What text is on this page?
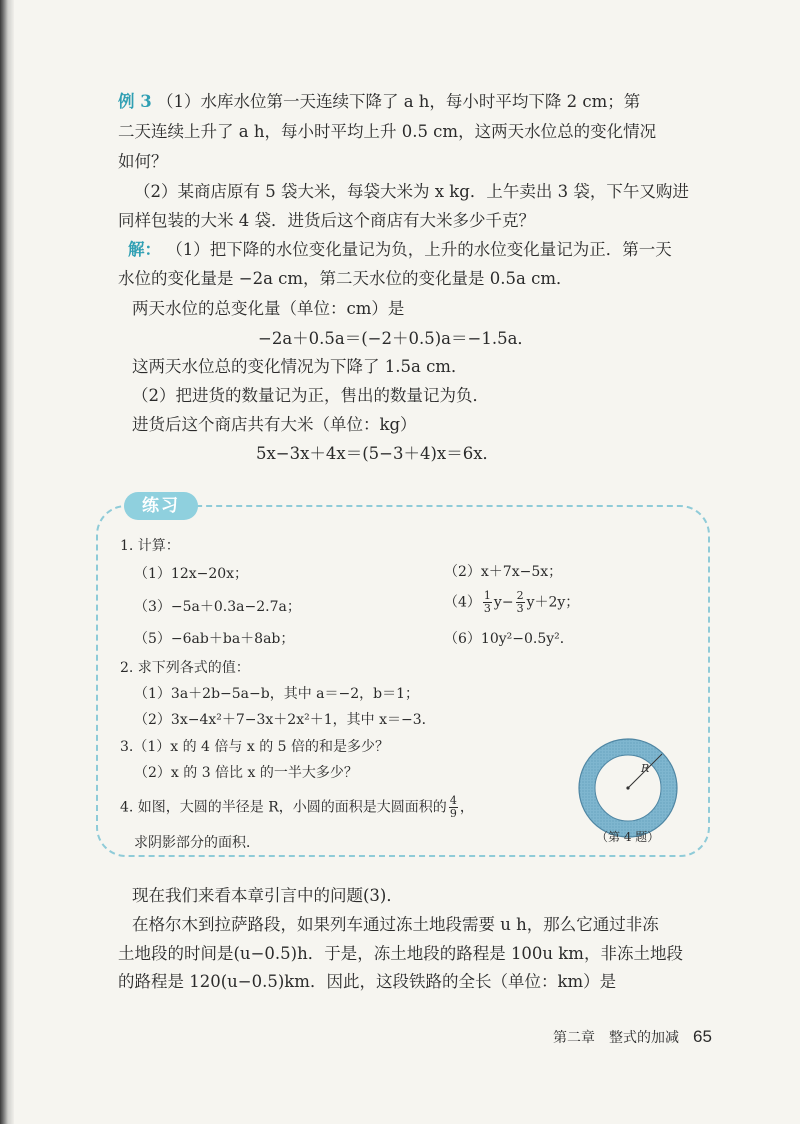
例 3 （1）水库水位第一天连续下降了 a h，每小时平均下降 2 cm；第
二天连续上升了 a h，每小时平均上升 0.5 cm，这两天水位总的变化情况
如何？
（2）某商店原有 5 袋大米，每袋大米为 x kg．上午卖出 3 袋，下午又购进
同样包装的大米 4 袋．进货后这个商店有大米多少千克？
解： （1）把下降的水位变化量记为负，上升的水位变化量记为正．第一天
水位的变化量是 −2a cm，第二天水位的变化量是 0.5a cm．
两天水位的总变化量（单位：cm）是
−2a＋0.5a＝(−2＋0.5)a＝−1.5a．
这两天水位总的变化情况为下降了 1.5a cm．
（2）把进货的数量记为正，售出的数量记为负．
进货后这个商店共有大米（单位：kg）
5x−3x＋4x＝(5−3＋4)x＝6x．
练习
1. 计算：
（1）12x−20x；	（2）x＋7x−5x；
（3）−5a＋0.3a−2.7a；	$(4) \frac{1}{3} y- \frac{2}{3} y+2y$；
（5）−6ab＋ba＋8ab；	（6）10y²−0.5y²．
2. 求下列各式的值：
（1）3a＋2b−5a−b，其中 a＝−2，b＝1；
（2）3x−4x²＋7−3x＋2x²＋1，其中 x＝−3．
3.（1）x 的 4 倍与 x 的 5 倍的和是多少？
（2）x 的 3 倍比 x 的一半大多少？
4. 如图，大圆的半径是 R，小圆的面积是大圆面积的 $\frac{4}{9}$ ，
求阴影部分的面积．
R
（第 4 题）
现在我们来看本章引言中的问题(3)．
在格尔木到拉萨路段，如果列车通过冻土地段需要 u h，那么它通过非冻
土地段的时间是(u−0.5)h．于是，冻土地段的路程是 100u km，非冻土地段
的路程是 120(u−0.5)km．因此，这段铁路的全长（单位：km）是
第二章　整式的加减 65
